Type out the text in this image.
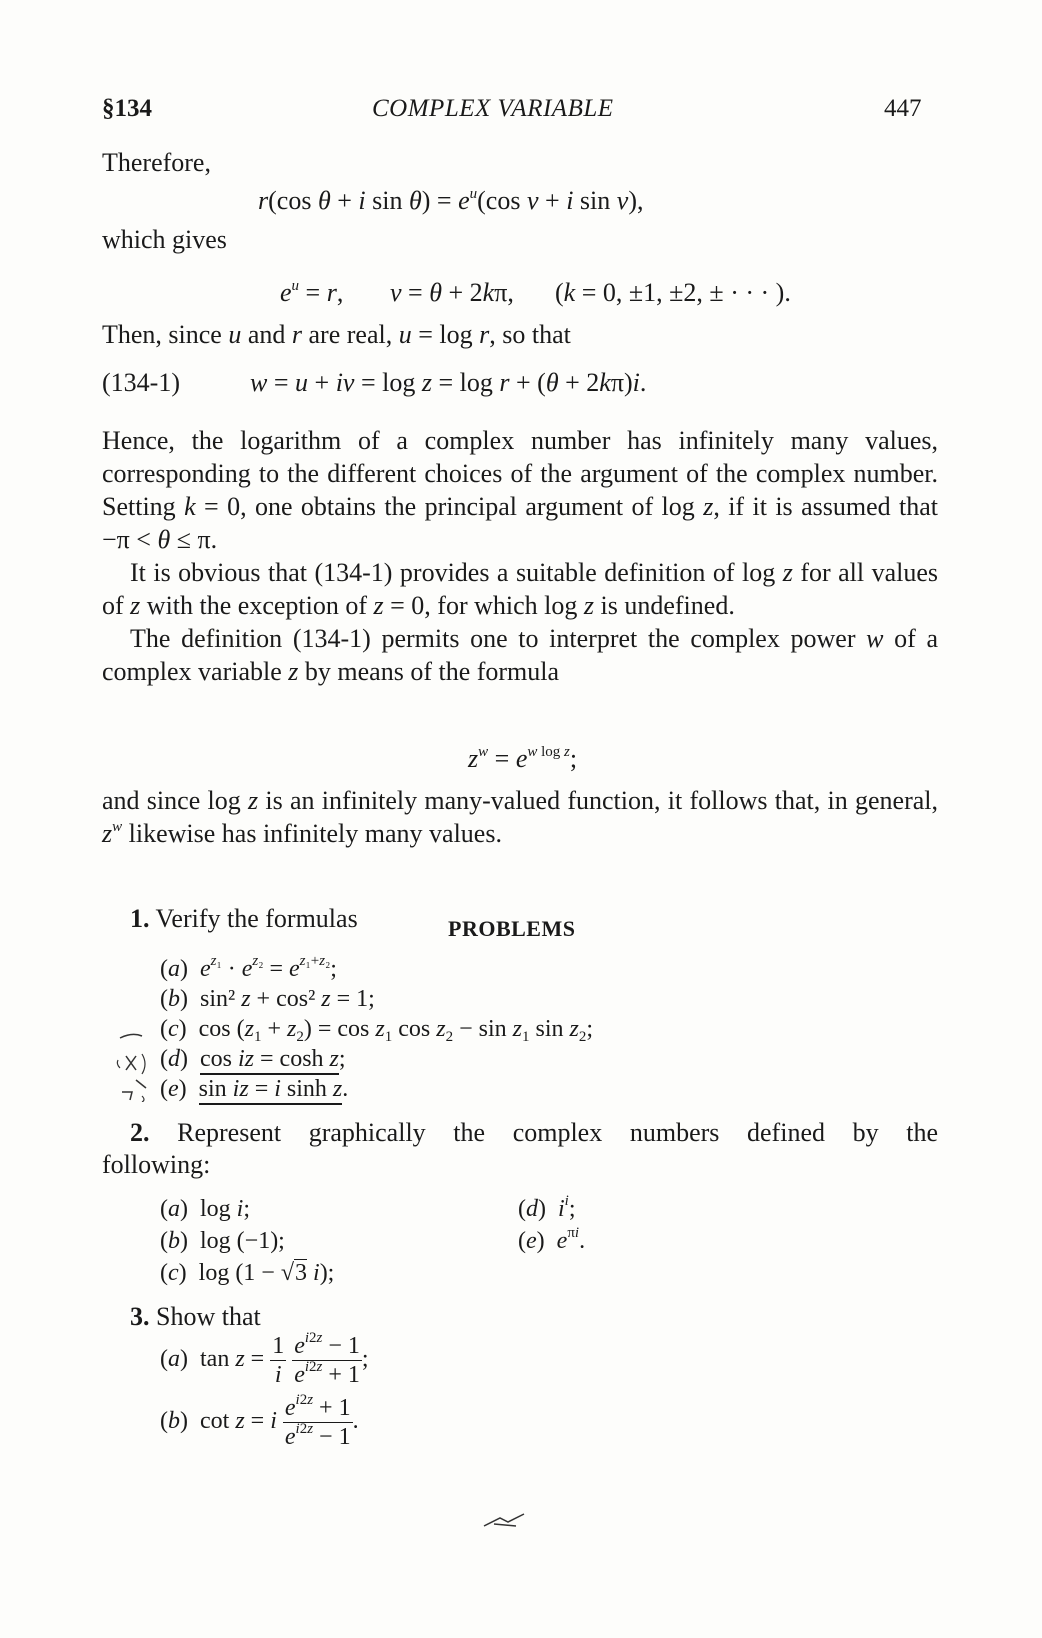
§134	COMPLEX VARIABLE	447
Therefore,
r(cos θ + i $\sin \theta) = e^u(\cos$ v + i sin v),
which gives
$e^u = r$, v = θ + 2kπ, (k = 0, ±1, ±2, ± · · · ).
Then, since u and r are real, u = log r, so that
(134-1)	w = u + iv = log z = log r + (θ + 2kπ)i.

Hence, the logarithm of a complex number has infinitely many values, corresponding to the different choices of the argument of the complex number. Setting k = 0, one obtains the principal argument of log z, if it is assumed that −π < θ ≤ π.

It is obvious that (134-1) provides a suitable definition of log z for all values of z with the exception of z = 0, for which log z is undefined.

The definition (134-1) permits one to interpret the complex power w of a complex variable z by means of the formula

$z^w = e^{w log z}$;

and since log z is an infinitely many-valued function, it follows that, in general, $z^w$ likewise has infinitely many values.

PROBLEMS
1. Verify the formulas
(a)  $e^{z_1} \cdot e^{z_2} = e^{z_1+z_2}$;
(b)  sin² z + cos² z = 1;
(c)  $\cos (z_1 + z_2) = \cos z_1$ $\cos z_2 - \sin z_1$ $\sin z_2$;
(d)  cos iz = cosh z;
(e)  sin iz = i sinh z.
2. Represent graphically the complex numbers defined by the
following:
(a)  log i;
(b)  log (−1);
(c)  log (1 − √3 i);
(d)  $i^i$;
(e)  $e^{\pi i}$.
3. Show that
(a)  $\tan z = \frac{1}{i}$
$\frac{e^{i2z} - 1}{e^{i2z} + 1}$ ;
(b)  cot z = i $\frac{e^{i2z} + 1}{e^{i2z} - 1}$ .
